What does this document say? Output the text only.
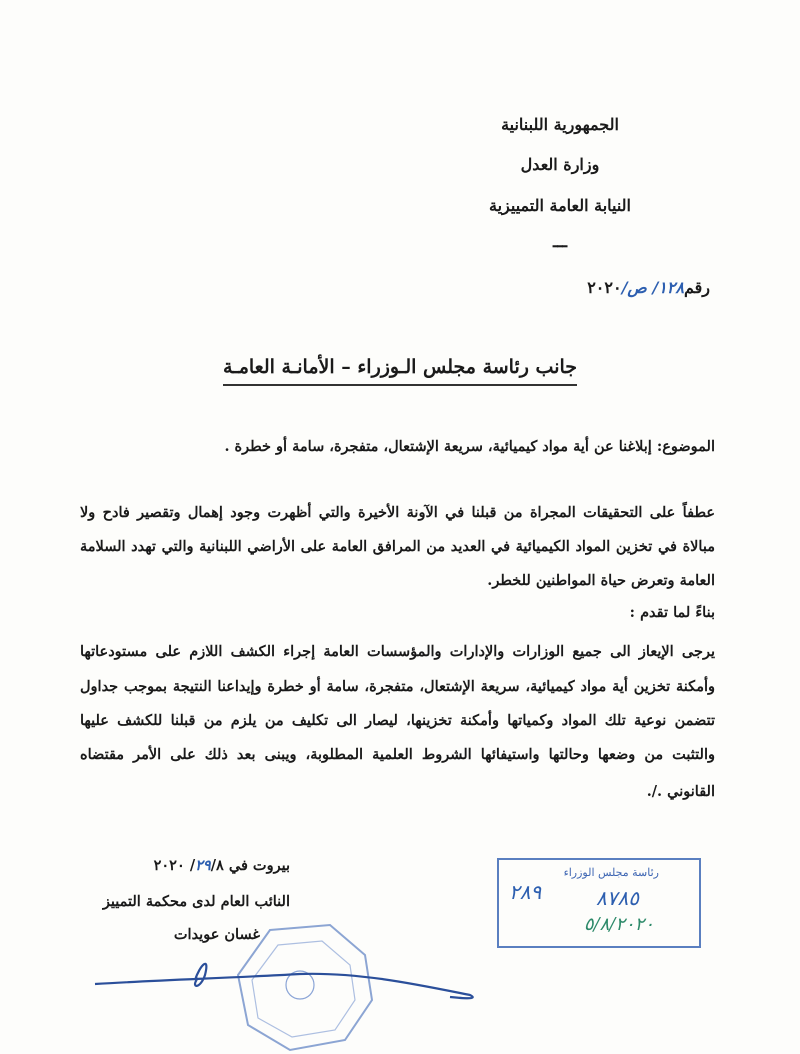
الجمهورية اللبنانية
وزارة العدل
النيابة العامة التمييزية
ـــ
رقم١٢٨/ ص/٢٠٢٠
جانب رئاسة مجلس الـوزراء – الأمانـة العامـة
الموضوع: إبلاغنا عن أية مواد كيميائية، سريعة الإشتعال، متفجرة، سامة أو خطرة .
عطفاً على التحقيقات المجراة من قبلنا في الآونة الأخيرة والتي أظهرت وجود إهمال وتقصير فادح ولا
مبالاة في تخزين المواد الكيميائية في العديد من المرافق العامة على الأراضي اللبنانية والتي تهدد السلامة
العامة وتعرض حياة المواطنين للخطر.
بناءً لما تقدم :
يرجى الإيعاز الى جميع الوزارات والإدارات والمؤسسات العامة إجراء الكشف اللازم على مستودعاتها
وأمكنة تخزين أية مواد كيميائية، سريعة الإشتعال، متفجرة، سامة أو خطرة وإيداعنا النتيجة بموجب جداول
تتضمن نوعية تلك المواد وكمياتها وأمكنة تخزينها، ليصار الى تكليف من يلزم من قبلنا للكشف عليها
والتثبت من وضعها وحالتها واستيفائها الشروط العلمية المطلوبة، ويبنى بعد ذلك على الأمر مقتضاه
القانوني ./.
بيروت في ٢٩/٨/ ٢٠٢٠
النائب العام لدى محكمة التمييز
غسان عويدات
رئاسة مجلس الوزراء
٨٧٨٥
٥/٨/٢٠٢٠
٢٨٩
